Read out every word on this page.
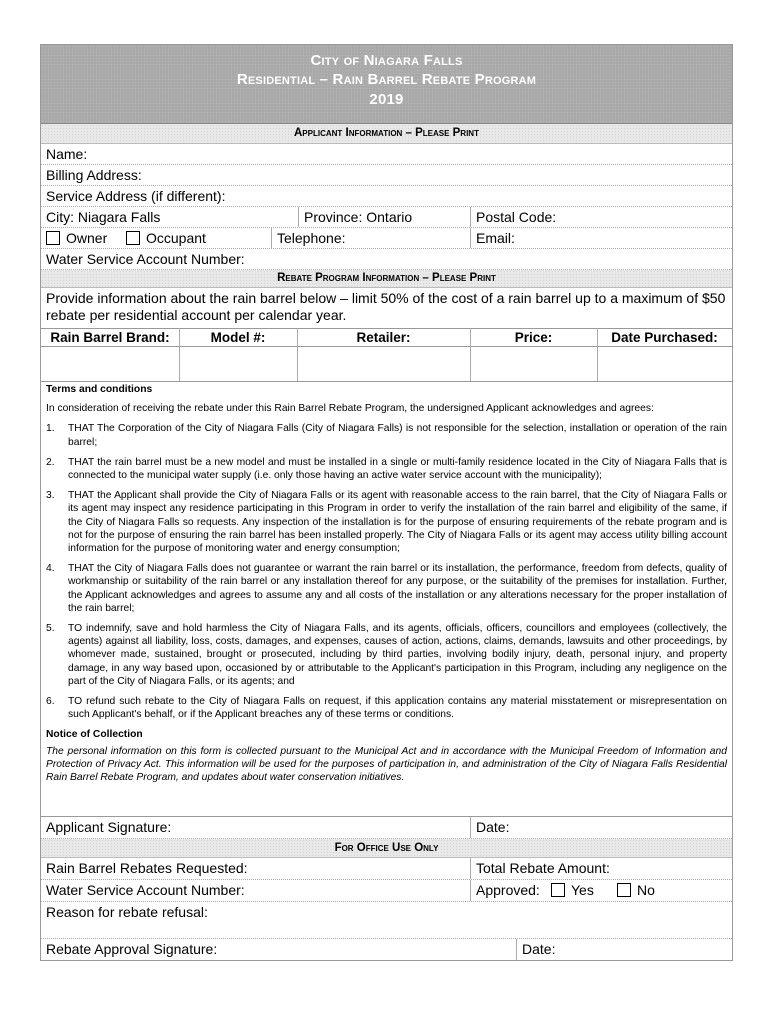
City of Niagara Falls
Residential – Rain Barrel Rebate Program
2019
Applicant Information – Please Print
Name:
Billing Address:
Service Address (if different):
City: Niagara Falls	Province: Ontario	Postal Code:
Owner	Occupant	Telephone:	Email:
Water Service Account Number:
Rebate Program Information – Please Print
Provide information about the rain barrel below – limit 50% of the cost of a rain barrel up to a maximum of $50 rebate per residential account per calendar year.
Rain Barrel Brand:	Model #:	Retailer:	Price:	Date Purchased:
Terms and conditions
In consideration of receiving the rebate under this Rain Barrel Rebate Program, the undersigned Applicant acknowledges and agrees:
1. THAT The Corporation of the City of Niagara Falls (City of Niagara Falls) is not responsible for the selection, installation or operation of the rain barrel;
2. THAT the rain barrel must be a new model and must be installed in a single or multi-family residence located in the City of Niagara Falls that is connected to the municipal water supply (i.e. only those having an active water service account with the municipality);
3. THAT the Applicant shall provide the City of Niagara Falls or its agent with reasonable access to the rain barrel, that the City of Niagara Falls or its agent may inspect any residence participating in this Program in order to verify the installation of the rain barrel and eligibility of the same, if the City of Niagara Falls so requests. Any inspection of the installation is for the purpose of ensuring requirements of the rebate program and is not for the purpose of ensuring the rain barrel has been installed properly. The City of Niagara Falls or its agent may access utility billing account information for the purpose of monitoring water and energy consumption;
4. THAT the City of Niagara Falls does not guarantee or warrant the rain barrel or its installation, the performance, freedom from defects, quality of workmanship or suitability of the rain barrel or any installation thereof for any purpose, or the suitability of the premises for installation. Further, the Applicant acknowledges and agrees to assume any and all costs of the installation or any alterations necessary for the proper installation of the rain barrel;
5. TO indemnify, save and hold harmless the City of Niagara Falls, and its agents, officials, officers, councillors and employees (collectively, the agents) against all liability, loss, costs, damages, and expenses, causes of action, actions, claims, demands, lawsuits and other proceedings, by whomever made, sustained, brought or prosecuted, including by third parties, involving bodily injury, death, personal injury, and property damage, in any way based upon, occasioned by or attributable to the Applicant's participation in this Program, including any negligence on the part of the City of Niagara Falls, or its agents; and
6. TO refund such rebate to the City of Niagara Falls on request, if this application contains any material misstatement or misrepresentation on such Applicant's behalf, or if the Applicant breaches any of these terms or conditions.
Notice of Collection
The personal information on this form is collected pursuant to the Municipal Act and in accordance with the Municipal Freedom of Information and Protection of Privacy Act. This information will be used for the purposes of participation in, and administration of the City of Niagara Falls Residential Rain Barrel Rebate Program, and updates about water conservation initiatives.
Applicant Signature:	Date:
For Office Use Only
Rain Barrel Rebates Requested:	Total Rebate Amount:
Water Service Account Number:	Approved:	Yes	No
Reason for rebate refusal:
Rebate Approval Signature:	Date:
